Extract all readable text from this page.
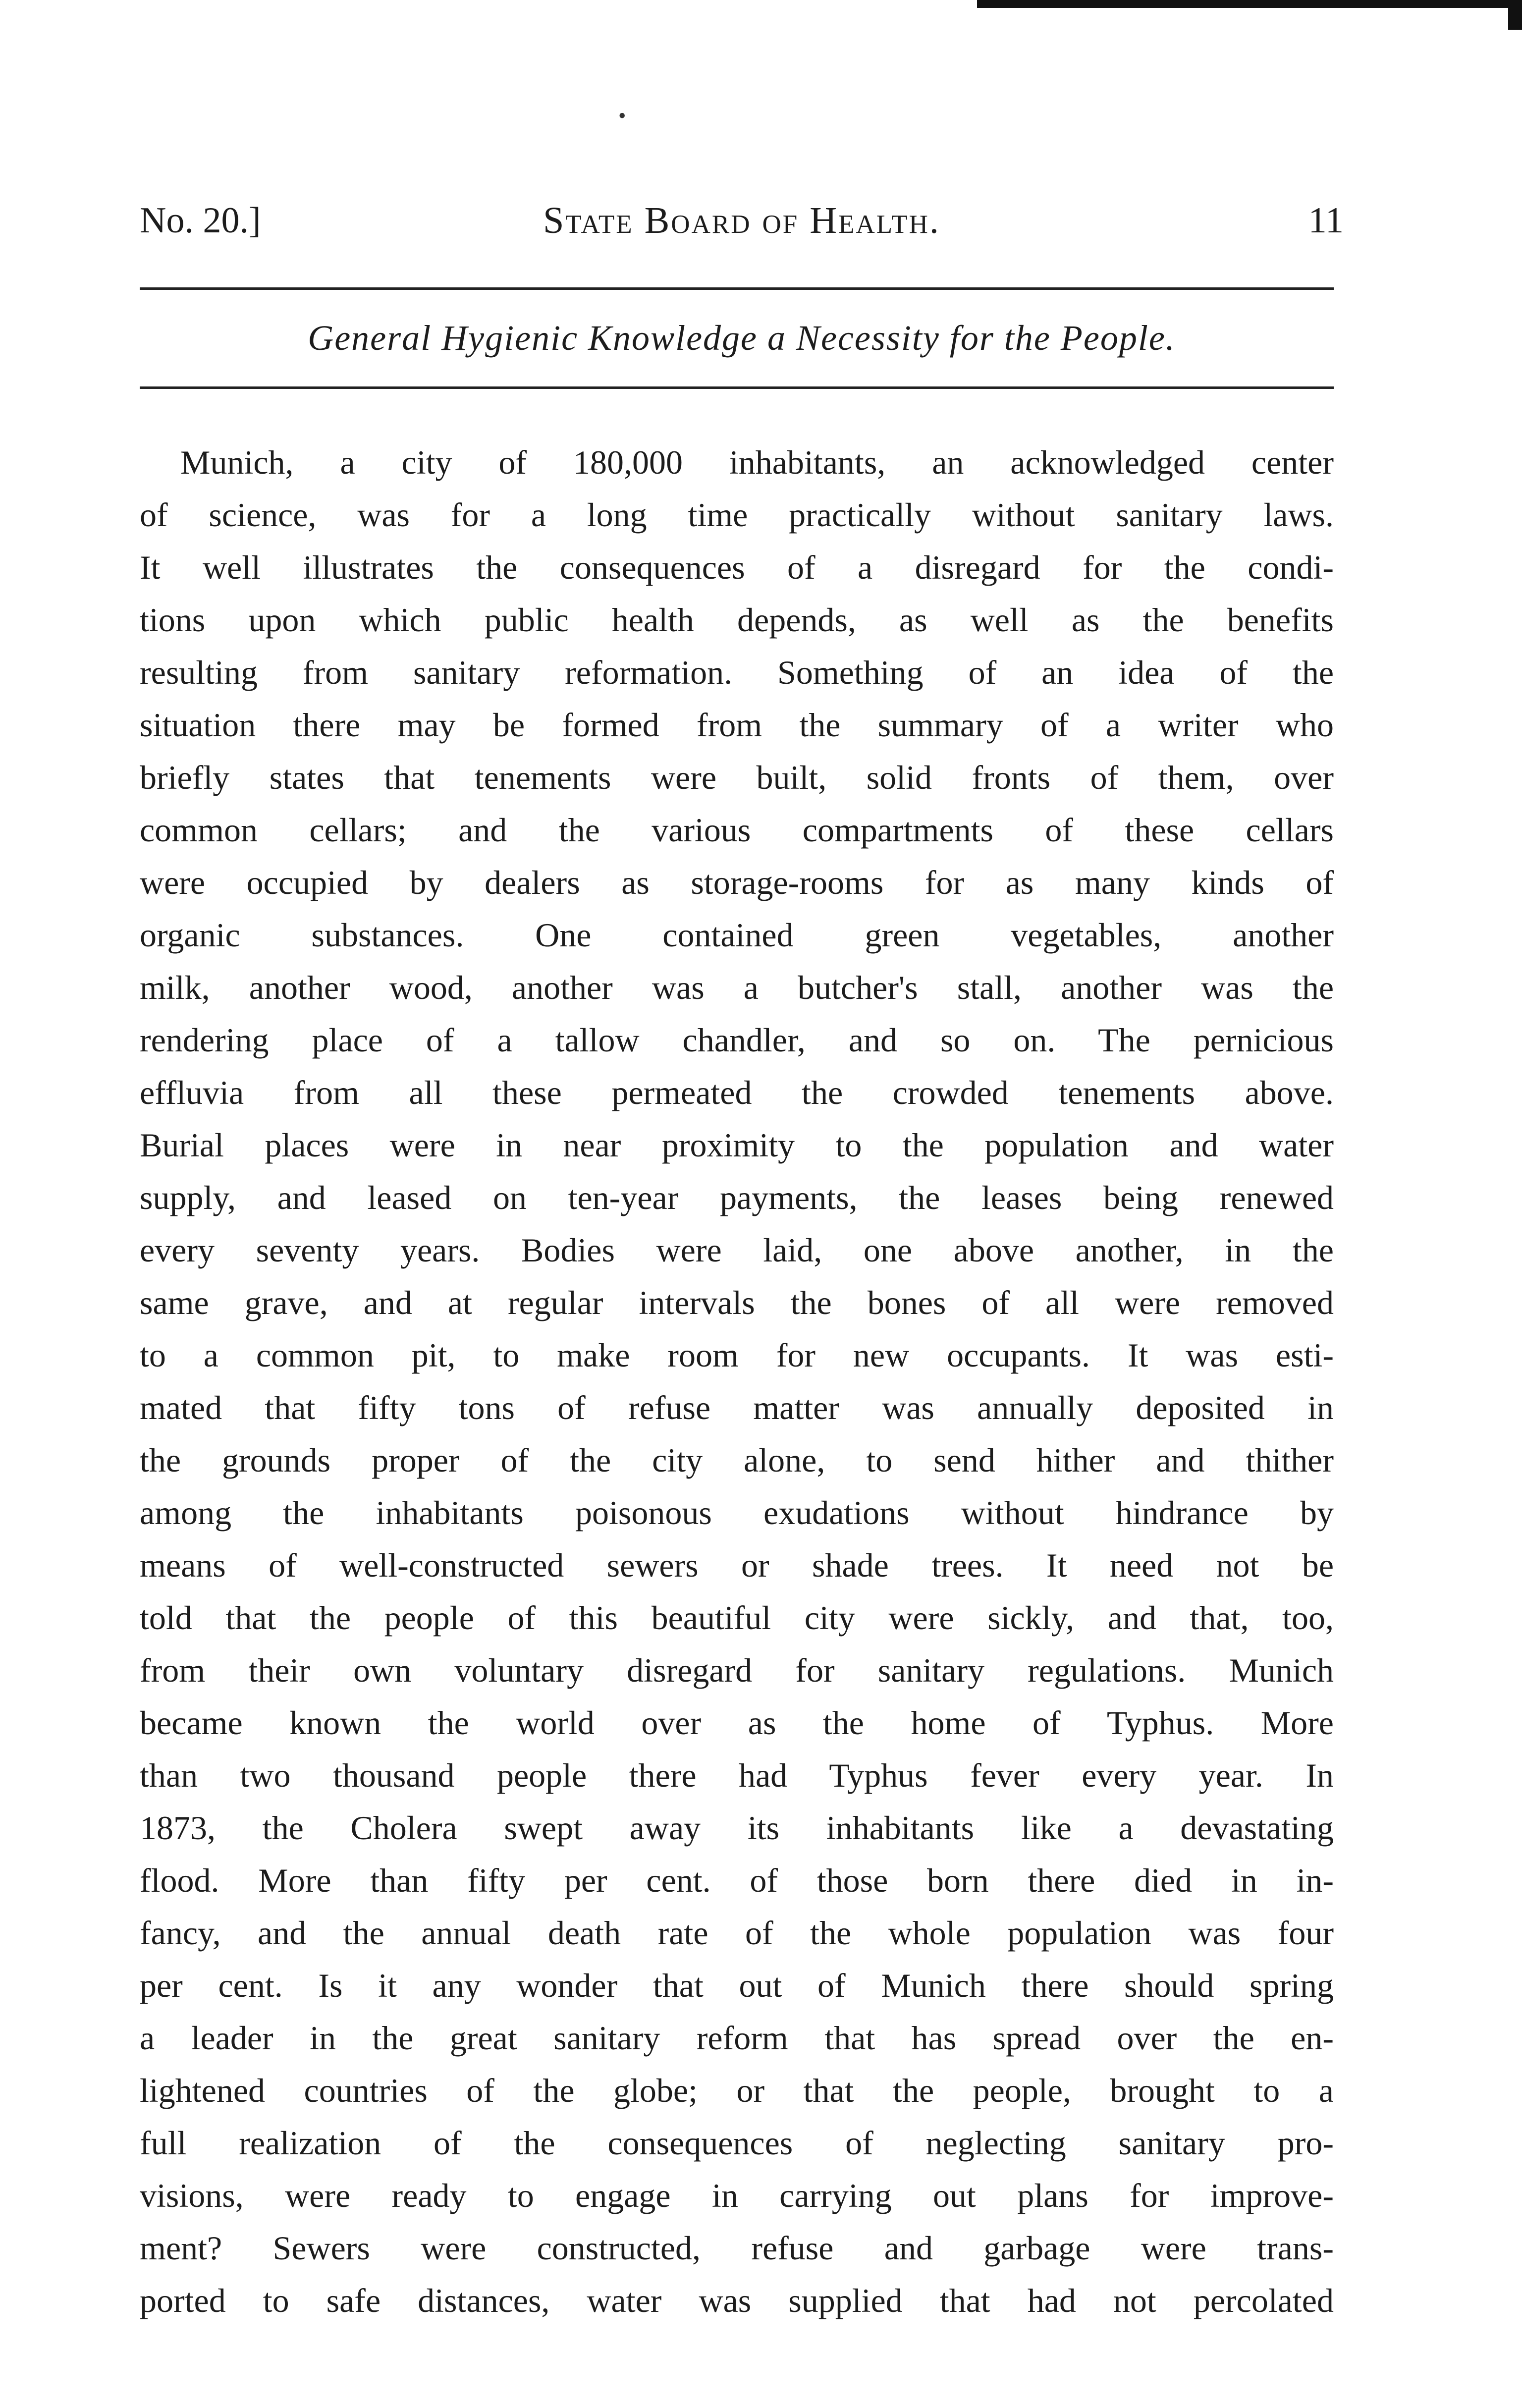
•
No. 20.]	State Board of Health.	11
General Hygienic Knowledge a Necessity for the People.
Munich, a city of 180,000 inhabitants, an acknowledged center
of science, was for a long time practically without sanitary laws.
It well illustrates the consequences of a disregard for the condi-
tions upon which public health depends, as well as the benefits
resulting from sanitary reformation. Something of an idea of the
situation there may be formed from the summary of a writer who
briefly states that tenements were built, solid fronts of them, over
common cellars; and the various compartments of these cellars
were occupied by dealers as storage-rooms for as many kinds of
organic substances. One contained green vegetables, another
milk, another wood, another was a butcher's stall, another was the
rendering place of a tallow chandler, and so on. The pernicious
effluvia from all these permeated the crowded tenements above.
Burial places were in near proximity to the population and water
supply, and leased on ten-year payments, the leases being renewed
every seventy years. Bodies were laid, one above another, in the
same grave, and at regular intervals the bones of all were removed
to a common pit, to make room for new occupants. It was esti-
mated that fifty tons of refuse matter was annually deposited in
the grounds proper of the city alone, to send hither and thither
among the inhabitants poisonous exudations without hindrance by
means of well-constructed sewers or shade trees. It need not be
told that the people of this beautiful city were sickly, and that, too,
from their own voluntary disregard for sanitary regulations. Munich
became known the world over as the home of Typhus. More
than two thousand people there had Typhus fever every year. In
1873, the Cholera swept away its inhabitants like a devastating
flood. More than fifty per cent. of those born there died in in-
fancy, and the annual death rate of the whole population was four
per cent. Is it any wonder that out of Munich there should spring
a leader in the great sanitary reform that has spread over the en-
lightened countries of the globe; or that the people, brought to a
full realization of the consequences of neglecting sanitary pro-
visions, were ready to engage in carrying out plans for improve-
ment? Sewers were constructed, refuse and garbage were trans-
ported to safe distances, water was supplied that had not percolated
